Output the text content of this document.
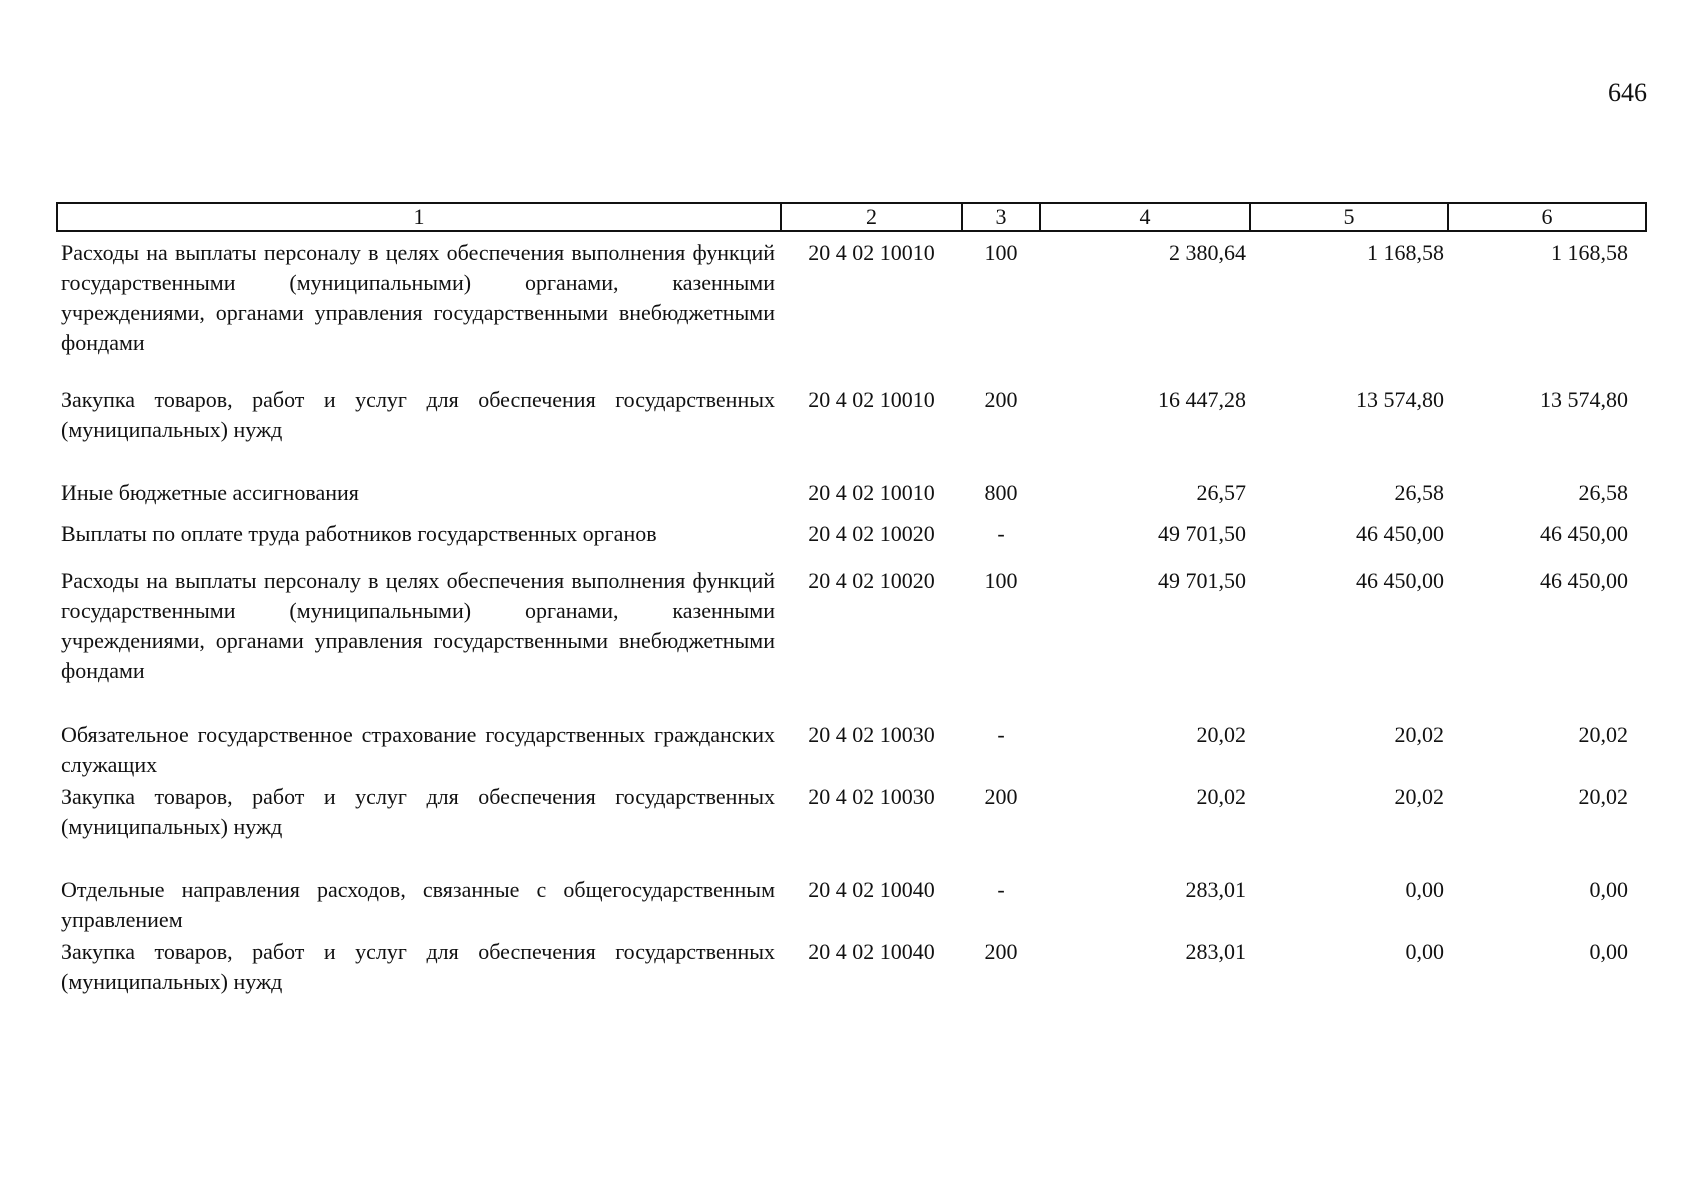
646
1	2	3	4	5	6
Расходы на выплаты персоналу в целях обеспечения выполнения функций государственными (муниципальными) органами, казенными учреждениями, органами управления государственными внебюджетными фондами	20 4 02 10010	100	2 380,64	1 168,58	1 168,58
Закупка товаров, работ и услуг для обеспечения государственных (муниципальных) нужд	20 4 02 10010	200	16 447,28	13 574,80	13 574,80
Иные бюджетные ассигнования	20 4 02 10010	800	26,57	26,58	26,58
Выплаты по оплате труда работников государственных органов	20 4 02 10020	-	49 701,50	46 450,00	46 450,00
Расходы на выплаты персоналу в целях обеспечения выполнения функций государственными (муниципальными) органами, казенными учреждениями, органами управления государственными внебюджетными фондами	20 4 02 10020	100	49 701,50	46 450,00	46 450,00
Обязательное государственное страхование государственных гражданских служащих	20 4 02 10030	-	20,02	20,02	20,02
Закупка товаров, работ и услуг для обеспечения государственных (муниципальных) нужд	20 4 02 10030	200	20,02	20,02	20,02
Отдельные направления расходов, связанные с общегосударственным управлением	20 4 02 10040	-	283,01	0,00	0,00
Закупка товаров, работ и услуг для обеспечения государственных (муниципальных) нужд	20 4 02 10040	200	283,01	0,00	0,00
